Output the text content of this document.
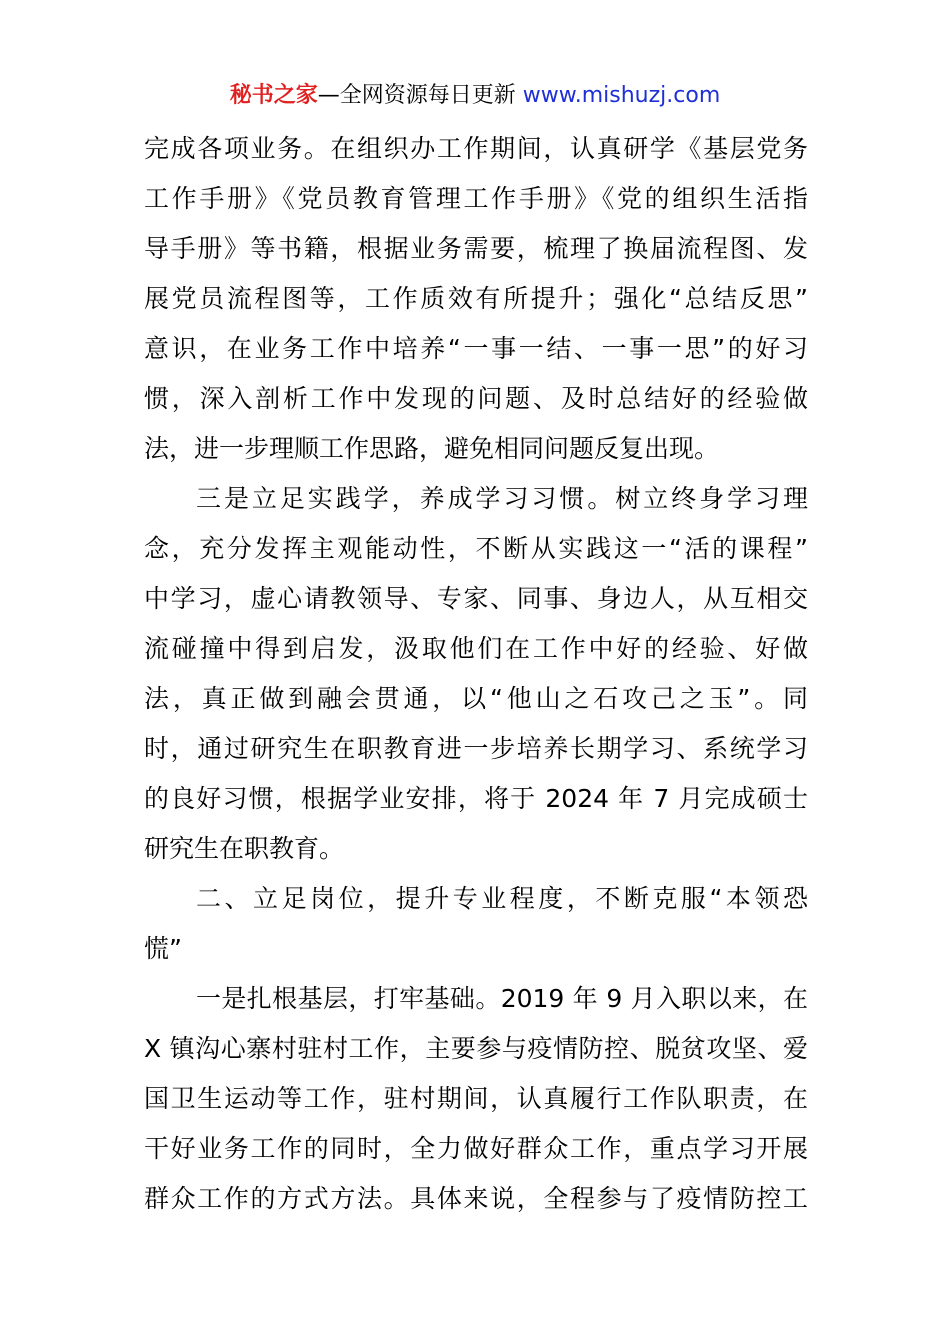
秘书之家—全网资源每日更新 www.mishuzj.com
完成各项业务。在组织办工作期间，认真研学《基层党务
工作手册》《党员教育管理工作手册》《党的组织生活指
导手册》等书籍，根据业务需要，梳理了换届流程图、发
展党员流程图等，工作质效有所提升；强化“总结反思”
意识，在业务工作中培养“一事一结、一事一思”的好习
惯，深入剖析工作中发现的问题、及时总结好的经验做
法，进一步理顺工作思路，避免相同问题反复出现。
三是立足实践学，养成学习习惯。树立终身学习理
念，充分发挥主观能动性，不断从实践这一“活的课程”
中学习，虚心请教领导、专家、同事、身边人，从互相交
流碰撞中得到启发，汲取他们在工作中好的经验、好做
法，真正做到融会贯通，以“他山之石攻己之玉”。同
时，通过研究生在职教育进一步培养长期学习、系统学习
的良好习惯，根据学业安排，将于 2024 年 7 月完成硕士
研究生在职教育。
二、立足岗位，提升专业程度，不断克服“本领恐
慌”
一是扎根基层，打牢基础。2019 年 9 月入职以来，在
X 镇沟心寨村驻村工作，主要参与疫情防控、脱贫攻坚、爱
国卫生运动等工作，驻村期间，认真履行工作队职责，在
干好业务工作的同时，全力做好群众工作，重点学习开展
群众工作的方式方法。具体来说，全程参与了疫情防控工
